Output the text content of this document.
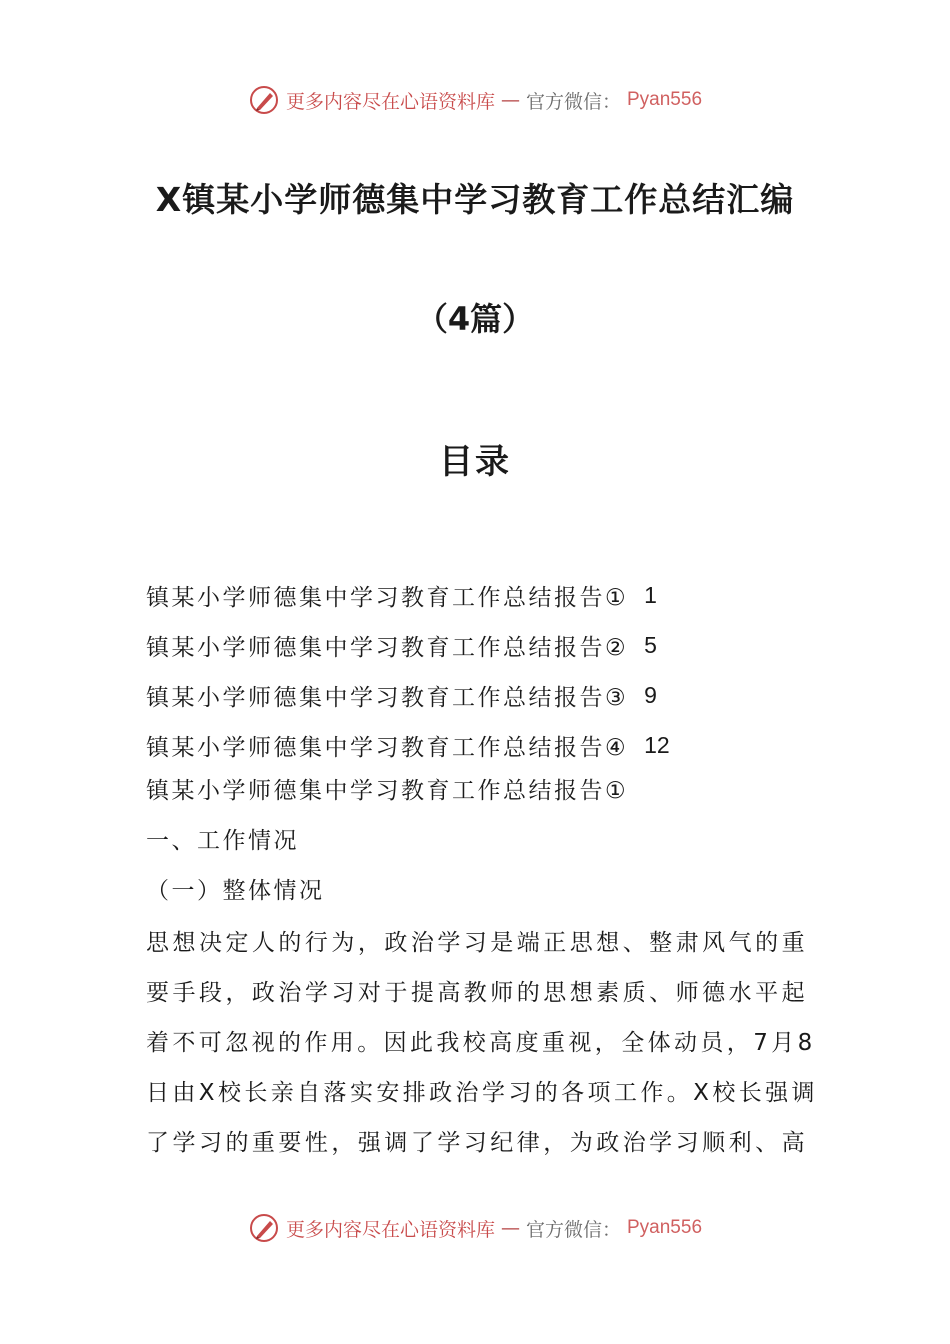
更多内容尽在心语资料库 — 官方微信： Pyan556
X镇某小学师德集中学习教育工作总结汇编
（4篇）
目录
镇某小学师德集中学习教育工作总结报告① 1
镇某小学师德集中学习教育工作总结报告② 5
镇某小学师德集中学习教育工作总结报告③ 9
镇某小学师德集中学习教育工作总结报告④ 12
镇某小学师德集中学习教育工作总结报告①
一、工作情况
（一）整体情况
思想决定人的行为，政治学习是端正思想、整肃风气的重
要手段，政治学习对于提高教师的思想素质、师德水平起
着不可忽视的作用。因此我校高度重视，全体动员，7月8
日由X校长亲自落实安排政治学习的各项工作。X校长强调
了学习的重要性，强调了学习纪律，为政治学习顺利、高
更多内容尽在心语资料库 — 官方微信： Pyan556
